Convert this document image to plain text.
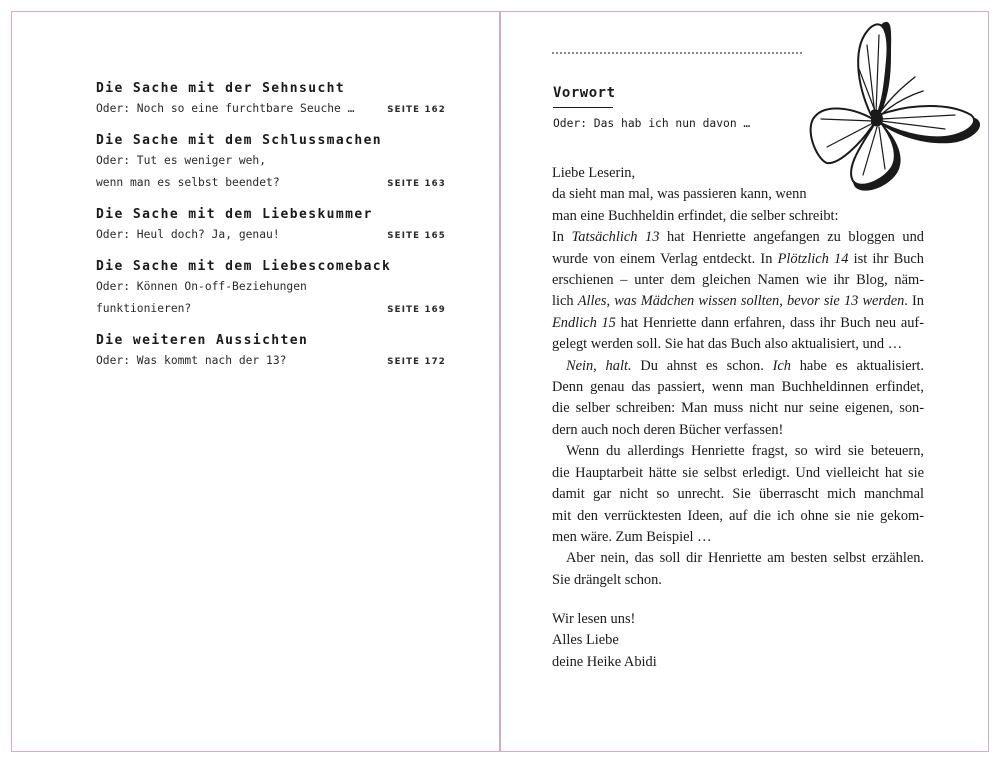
Die Sache mit der Sehnsucht
Oder: Noch so eine furchtbare Seuche …	SEITE 162
Die Sache mit dem Schlussmachen
Oder: Tut es weniger weh,
wenn man es selbst beendet?	SEITE 163
Die Sache mit dem Liebeskummer
Oder: Heul doch? Ja, genau!	SEITE 165
Die Sache mit dem Liebescomeback
Oder: Können On-off-Beziehungen
funktionieren?	SEITE 169
Die weiteren Aussichten
Oder: Was kommt nach der 13?	SEITE 172
Vorwort
Oder: Das hab ich nun davon …
Liebe Leserin,
da sieht man mal, was passieren kann, wenn
man eine Buchheldin erfindet, die selber schreibt:
In Tatsächlich 13 hat Henriette angefangen zu bloggen und
wurde von einem Verlag entdeckt. In Plötzlich 14 ist ihr Buch
erschienen – unter dem gleichen Namen wie ihr Blog, näm-
lich Alles, was Mädchen wissen sollten, bevor sie 13 werden. In
Endlich 15 hat Henriette dann erfahren, dass ihr Buch neu auf-
gelegt werden soll. Sie hat das Buch also aktualisiert, und …
Nein, halt. Du ahnst es schon. Ich habe es aktualisiert.
Denn genau das passiert, wenn man Buchheldinnen erfindet,
die selber schreiben: Man muss nicht nur seine eigenen, son-
dern auch noch deren Bücher verfassen!
Wenn du allerdings Henriette fragst, so wird sie beteuern,
die Hauptarbeit hätte sie selbst erledigt. Und vielleicht hat sie
damit gar nicht so unrecht. Sie überrascht mich manchmal
mit den verrücktesten Ideen, auf die ich ohne sie nie gekom-
men wäre. Zum Beispiel …
Aber nein, das soll dir Henriette am besten selbst erzählen.
Sie drängelt schon.
Wir lesen uns!
Alles Liebe
deine Heike Abidi
